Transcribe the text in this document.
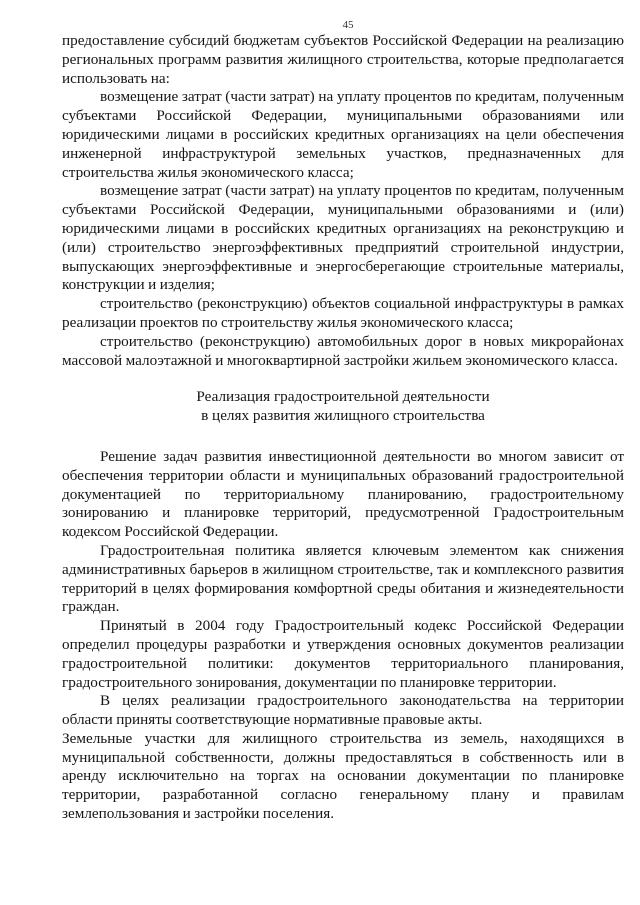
45

предоставление субсидий бюджетам субъектов Российской Федерации на реализацию региональных программ развития жилищного строительства, которые предполагается использовать на:

возмещение затрат (части затрат) на уплату процентов по кредитам, полученным субъектами Российской Федерации, муниципальными образованиями или юридическими лицами в российских кредитных организациях на цели обеспечения инженерной инфраструктурой земельных участков, предназначенных для строительства жилья экономического класса;

возмещение затрат (части затрат) на уплату процентов по кредитам, полученным субъектами Российской Федерации, муниципальными образованиями и (или) юридическими лицами в российских кредитных организациях на реконструкцию и (или) строительство энергоэффективных предприятий строительной индустрии, выпускающих энергоэффективные и энергосберегающие строительные материалы, конструкции и изделия;

строительство (реконструкцию) объектов социальной инфраструктуры в рамках реализации проектов по строительству жилья экономического класса;

строительство (реконструкцию) автомобильных дорог в новых микрорайонах массовой малоэтажной и многоквартирной застройки жильем экономического класса.

Реализация градостроительной деятельности
в целях развития жилищного строительства

Решение задач развития инвестиционной деятельности во многом зависит от обеспечения территории области и муниципальных образований градостроительной документацией по территориальному планированию, градостроительному зонированию и планировке территорий, предусмотренной Градостроительным кодексом Российской Федерации.

Градостроительная политика является ключевым элементом как снижения административных барьеров в жилищном строительстве, так и комплексного развития территорий в целях формирования комфортной среды обитания и жизнедеятельности граждан.

Принятый в 2004 году Градостроительный кодекс Российской Федерации определил процедуры разработки и утверждения основных документов реализации градостроительной политики: документов территориального планирования, градостроительного зонирования, документации по планировке территории.

В целях реализации градостроительного законодательства на территории области приняты соответствующие нормативные правовые акты.

Земельные участки для жилищного строительства из земель, находящихся в муниципальной собственности, должны предоставляться в собственность или в аренду исключительно на торгах на основании документации по планировке территории, разработанной согласно генеральному плану и правилам землепользования и застройки поселения.
